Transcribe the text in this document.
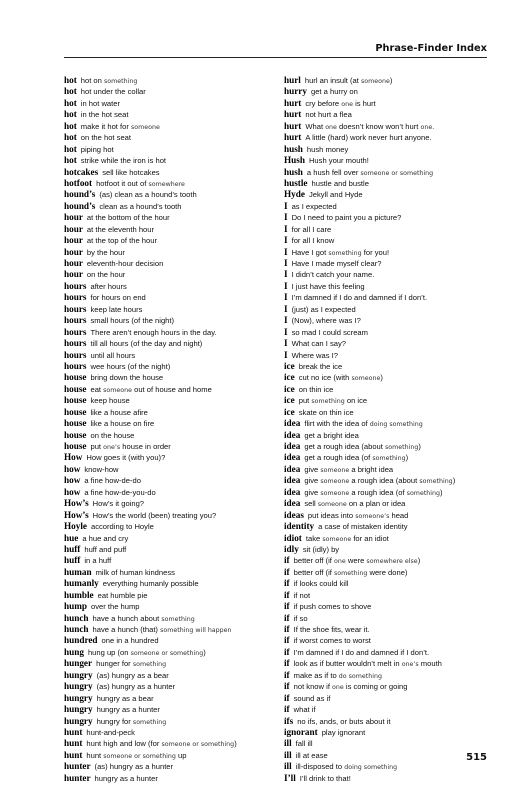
Phrase-Finder Index
hot hot on something
hot hot under the collar
hot in hot water
hot in the hot seat
hot make it hot for someone
hot on the hot seat
hot piping hot
hot strike while the iron is hot
hotcakes sell like hotcakes
hotfoot hotfoot it out of somewhere
hound’s (as) clean as a hound’s tooth
hound’s clean as a hound’s tooth
hour at the bottom of the hour
hour at the eleventh hour
hour at the top of the hour
hour by the hour
hour eleventh-hour decision
hour on the hour
hours after hours
hours for hours on end
hours keep late hours
hours small hours (of the night)
hours There aren’t enough hours in the day.
hours till all hours (of the day and night)
hours until all hours
hours wee hours (of the night)
house bring down the house
house eat someone out of house and home
house keep house
house like a house afire
house like a house on fire
house on the house
house put one’s house in order
How How goes it (with you)?
how know-how
how a fine how-de-do
how a fine how-de-you-do
How’s How’s it going?
How’s How’s the world (been) treating you?
Hoyle according to Hoyle
hue a hue and cry
huff huff and puff
huff in a huff
human milk of human kindness
humanly everything humanly possible
humble eat humble pie
hump over the hump
hunch have a hunch about something
hunch have a hunch (that) something will happen
hundred one in a hundred
hung hung up (on someone or something)
hunger hunger for something
hungry (as) hungry as a bear
hungry (as) hungry as a hunter
hungry hungry as a bear
hungry hungry as a hunter
hungry hungry for something
hunt hunt-and-peck
hunt hunt high and low (for someone or something)
hunt hunt someone or something up
hunter (as) hungry as a hunter
hunter hungry as a hunter
hurl hurl an insult (at someone)
hurry get a hurry on
hurt cry before one is hurt
hurt not hurt a flea
hurt What one doesn’t know won’t hurt one.
hurt A little (hard) work never hurt anyone.
hush hush money
Hush Hush your mouth!
hush a hush fell over someone or something
hustle hustle and bustle
Hyde Jekyll and Hyde
I as I expected
I Do I need to paint you a picture?
I for all I care
I for all I know
I Have I got something for you!
I Have I made myself clear?
I I didn’t catch your name.
I I just have this feeling
I I’m damned if I do and damned if I don’t.
I (just) as I expected
I (Now), where was I?
I so mad I could scream
I What can I say?
I Where was I?
ice break the ice
ice cut no ice (with someone)
ice on thin ice
ice put something on ice
ice skate on thin ice
idea flirt with the idea of doing something
idea get a bright idea
idea get a rough idea (about something)
idea get a rough idea (of something)
idea give someone a bright idea
idea give someone a rough idea (about something)
idea give someone a rough idea (of something)
idea sell someone on a plan or idea
ideas put ideas into someone’s head
identity a case of mistaken identity
idiot take someone for an idiot
idly sit (idly) by
if better off (if one were somewhere else)
if better off (if something were done)
if if looks could kill
if if not
if if push comes to shove
if if so
if If the shoe fits, wear it.
if if worst comes to worst
if I’m damned if I do and damned if I don’t.
if look as if butter wouldn’t melt in one’s mouth
if make as if to do something
if not know if one is coming or going
if sound as if
if what if
ifs no ifs, ands, or buts about it
ignorant play ignorant
ill fall ill
ill ill at ease
ill ill-disposed to doing something
I’ll I’ll drink to that!
515
